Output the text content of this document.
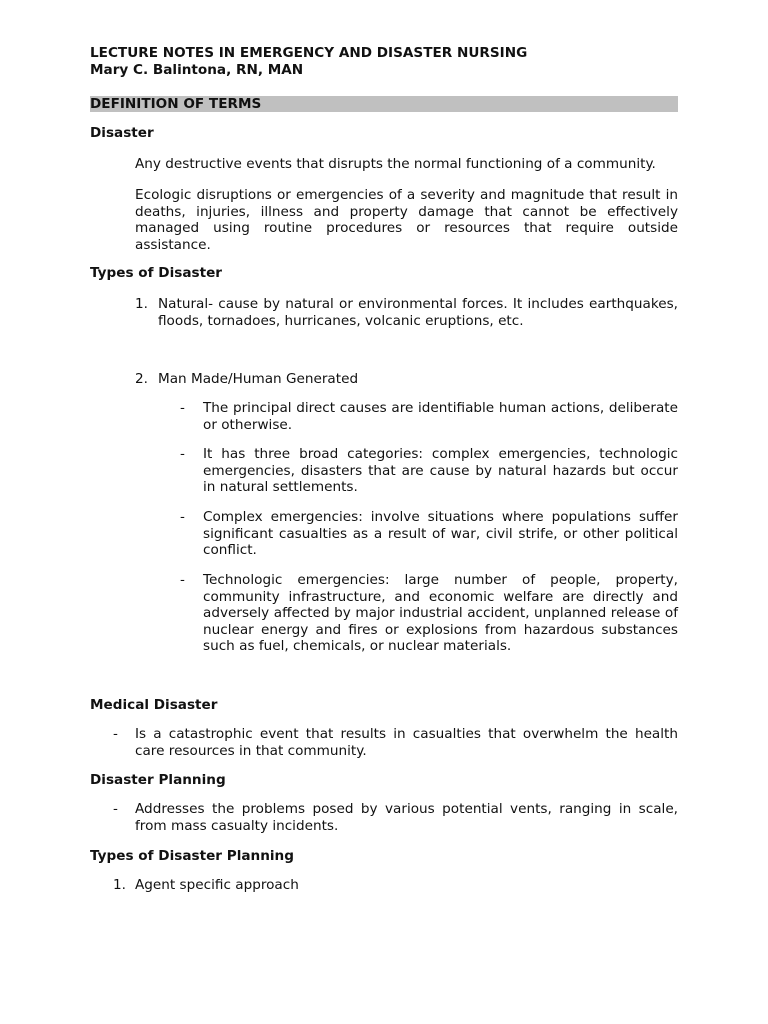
LECTURE NOTES IN EMERGENCY AND DISASTER NURSING
Mary C. Balintona, RN, MAN
DEFINITION OF TERMS
Disaster
Any destructive events that disrupts the normal functioning of a community.
Ecologic disruptions or emergencies of a severity and magnitude that result in deaths, injuries, illness and property damage that cannot be effectively managed using routine procedures or resources that require outside assistance.
Types of Disaster
1. Natural- cause by natural or environmental forces. It includes earthquakes, floods, tornadoes, hurricanes, volcanic eruptions, etc.
2. Man Made/Human Generated
- The principal direct causes are identifiable human actions, deliberate or otherwise.
- It has three broad categories: complex emergencies, technologic emergencies, disasters that are cause by natural hazards but occur in natural settlements.
- Complex emergencies: involve situations where populations suffer significant casualties as a result of war, civil strife, or other political conflict.
- Technologic emergencies: large number of people, property, community infrastructure, and economic welfare are directly and adversely affected by major industrial accident, unplanned release of nuclear energy and fires or explosions from hazardous substances such as fuel, chemicals, or nuclear materials.
Medical Disaster
- Is a catastrophic event that results in casualties that overwhelm the health care resources in that community.
Disaster Planning
- Addresses the problems posed by various potential vents, ranging in scale, from mass casualty incidents.
Types of Disaster Planning
1. Agent specific approach
